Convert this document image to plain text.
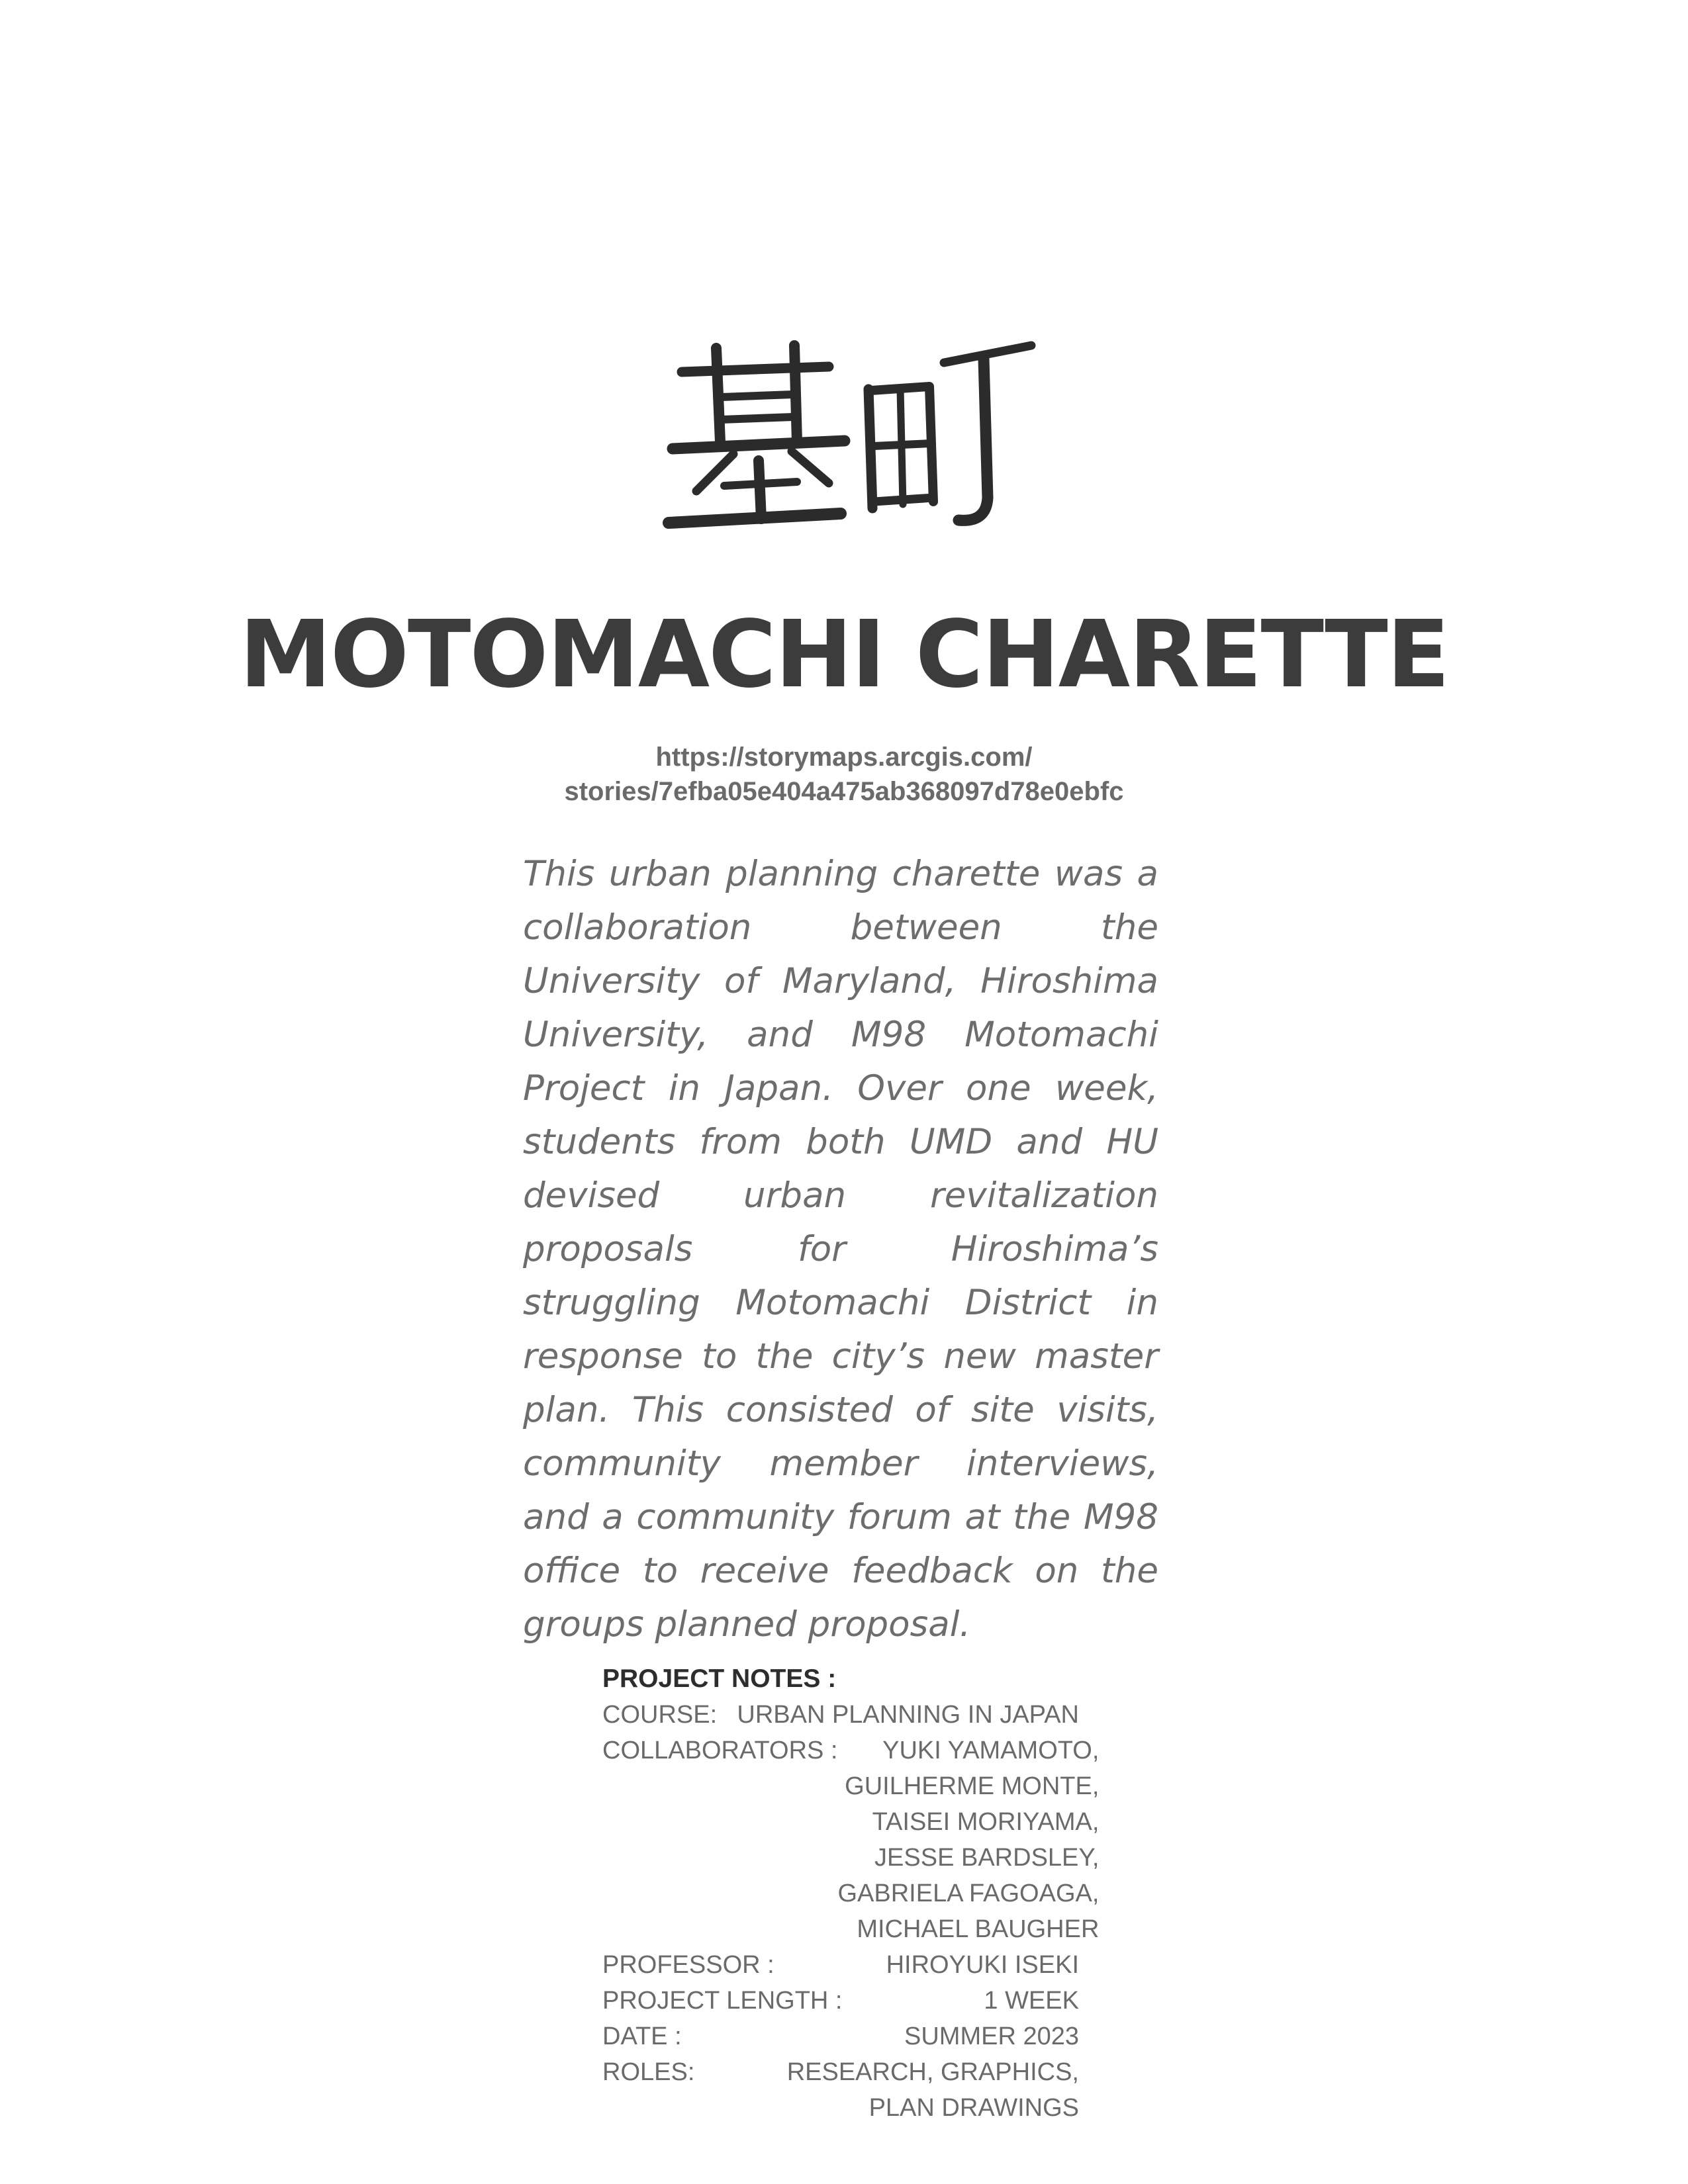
MOTOMACHI CHARETTE
https://storymaps.arcgis.com/
stories/7efba05e404a475ab368097d78e0ebfc
This urban planning charette was a collaboration between the University of Maryland, Hiroshima University, and M98 Motomachi Project in Japan. Over one week, students from both UMD and HU devised urban revitalization proposals for Hiroshima’s struggling Motomachi District in response to the city’s new master plan. This consisted of site visits, community member interviews, and a community forum at the M98 office to receive feedback on the groups planned proposal.
PROJECT NOTES :
COURSE: URBAN PLANNING IN JAPAN
COLLABORATORS :	YUKI YAMAMOTO,
GUILHERME MONTE,
TAISEI MORIYAMA,
JESSE BARDSLEY,
GABRIELA FAGOAGA,
MICHAEL BAUGHER
PROFESSOR :	HIROYUKI ISEKI
PROJECT LENGTH :	1 WEEK
DATE :	SUMMER 2023
ROLES:	RESEARCH, GRAPHICS,
PLAN DRAWINGS
